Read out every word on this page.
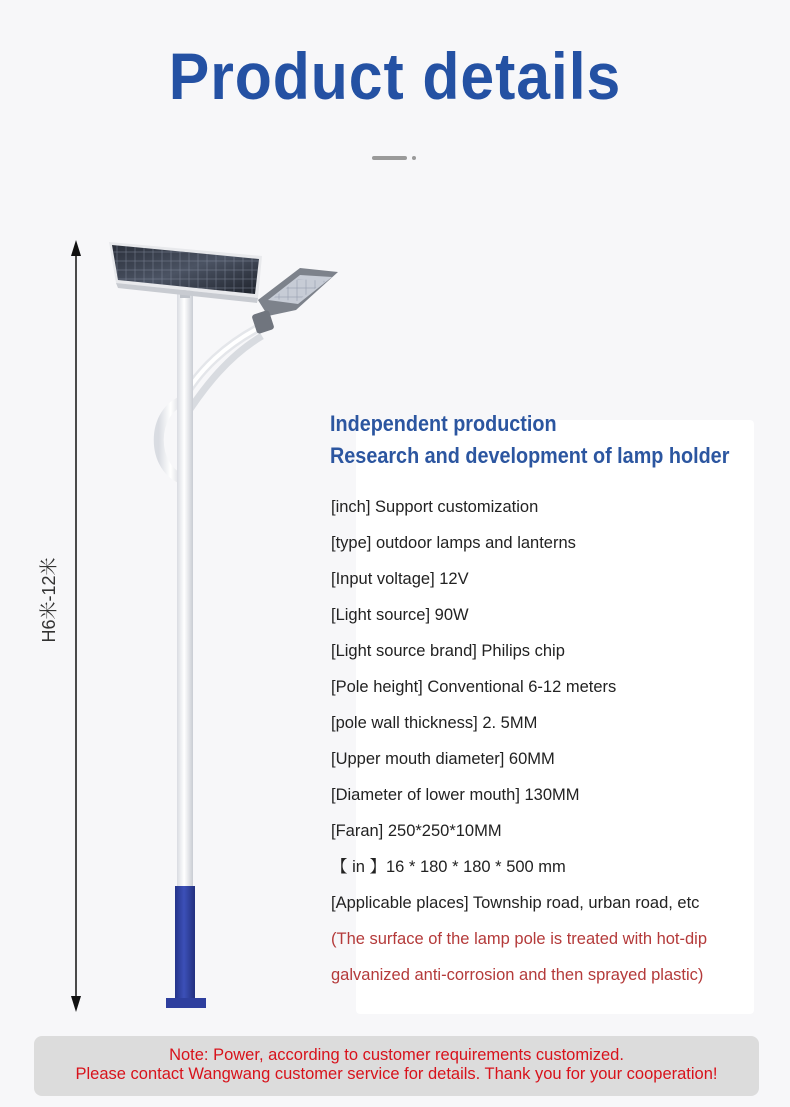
Product details
H6米-12米
Independent production
Research and development of lamp holder
[inch] Support customization
[type] outdoor lamps and lanterns
[Input voltage] 12V
[Light source] 90W
[Light source brand] Philips chip
[Pole height] Conventional 6-12 meters
[pole wall thickness] 2. 5MM
[Upper mouth diameter] 60MM
[Diameter of lower mouth] 130MM
[Faran] 250*250*10MM
【 in 】16 * 180 * 180 * 500 mm
[Applicable places] Township road, urban road, etc
(The surface of the lamp pole is treated with hot-dip
galvanized anti-corrosion and then sprayed plastic)
Note: Power, according to customer requirements customized.
Please contact Wangwang customer service for details. Thank you for your cooperation!
